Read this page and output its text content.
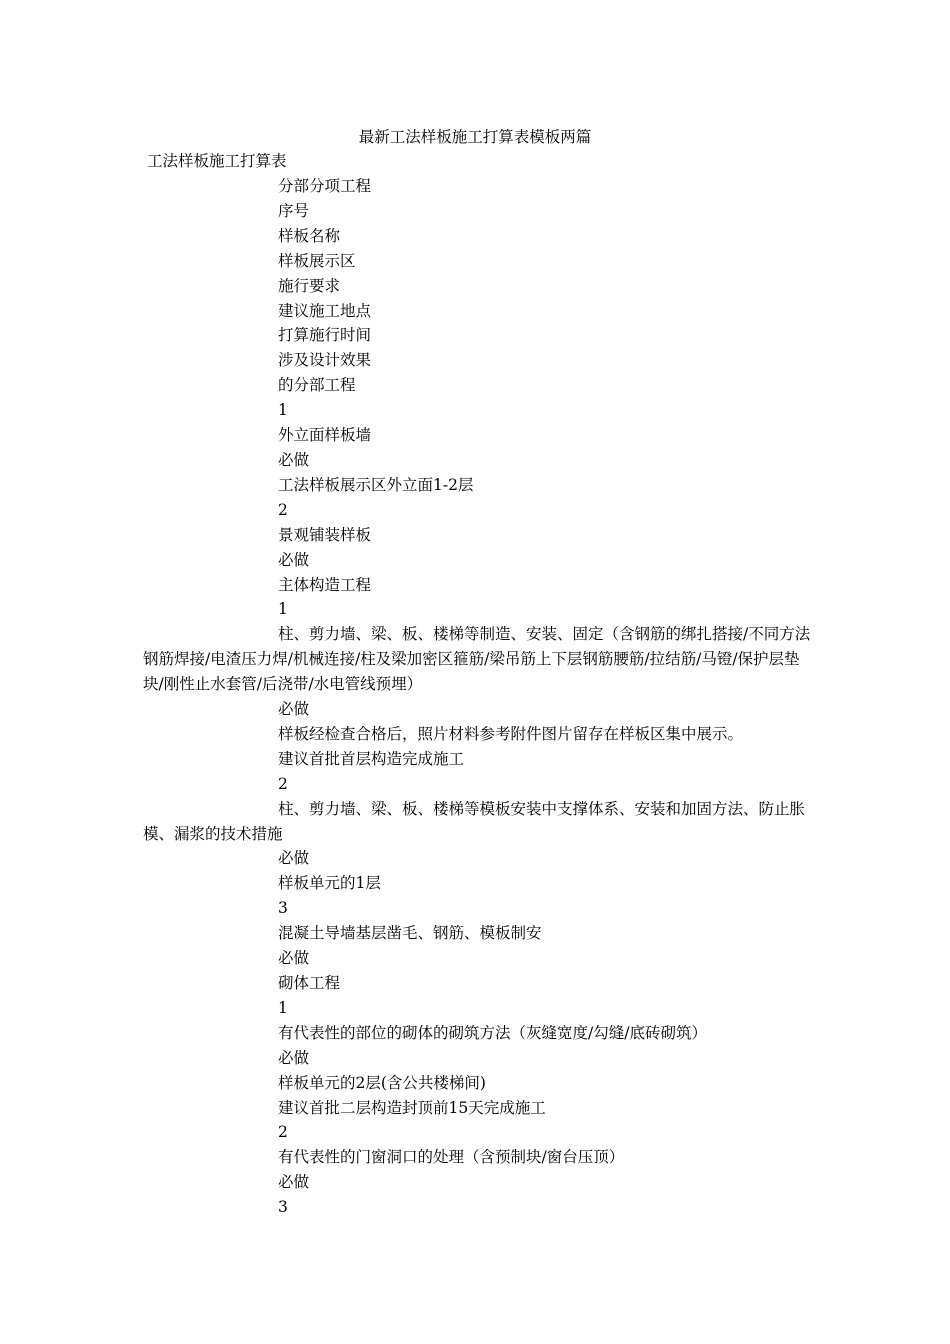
最新工法样板施工打算表模板两篇
工法样板施工打算表

分部分项工程

序号

样板名称

样板展示区

施行要求

建议施工地点

打算施行时间

涉及设计效果

的分部工程

1

外立面样板墙

必做

工法样板展示区外立面1-2层

2

景观铺装样板

必做

主体构造工程

1

柱、剪力墙、梁、板、楼梯等制造、安装、固定（含钢筋的绑扎搭接/不同方法钢筋焊接/电渣压力焊/机械连接/柱及梁加密区箍筋/梁吊筋上下层钢筋腰筋/拉结筋/马镫/保护层垫块/刚性止水套管/后浇带/水电管线预埋）

必做

样板经检查合格后，照片材料参考附件图片留存在样板区集中展示。

建议首批首层构造完成施工

2

柱、剪力墙、梁、板、楼梯等模板安装中支撑体系、安装和加固方法、防止胀模、漏浆的技术措施

必做

样板单元的1层

3

混凝土导墙基层凿毛、钢筋、模板制安

必做

砌体工程

1

有代表性的部位的砌体的砌筑方法（灰缝宽度/勾缝/底砖砌筑）

必做

样板单元的2层(含公共楼梯间)

建议首批二层构造封顶前15天完成施工

2

有代表性的门窗洞口的处理（含预制块/窗台压顶）

必做

3
